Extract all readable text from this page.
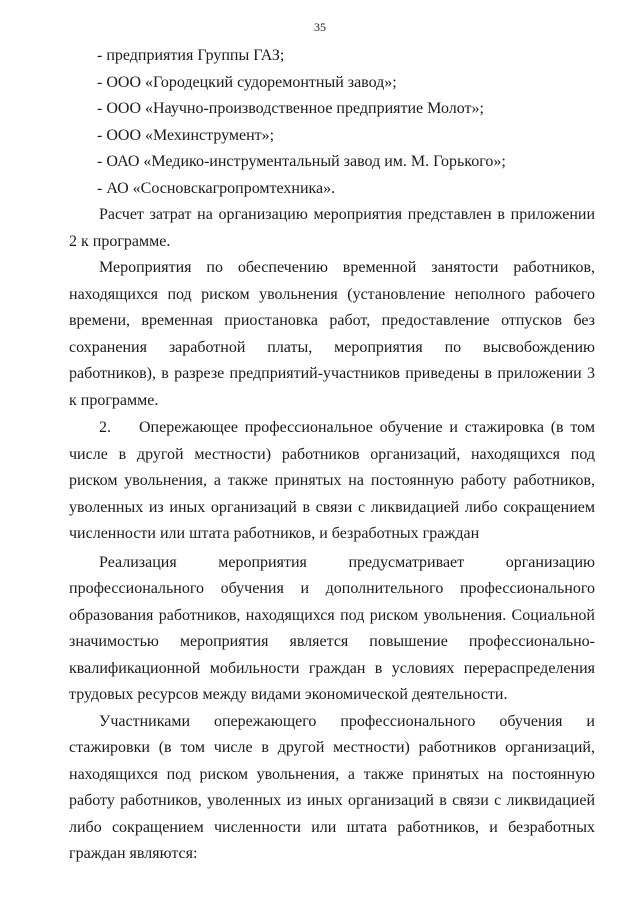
35

- предприятия Группы ГАЗ;

- ООО «Городецкий судоремонтный завод»;

- ООО «Научно-производственное предприятие Молот»;

- ООО «Мехинструмент»;

- ОАО «Медико-инструментальный завод им. М. Горького»;

- АО «Сосновскагропромтехника».

Расчет затрат на организацию мероприятия представлен в приложении 2 к программе.

Мероприятия по обеспечению временной занятости работников, находящихся под риском увольнения (установление неполного рабочего времени, временная приостановка работ, предоставление отпусков без сохранения заработной платы, мероприятия по высвобождению работников), в разрезе предприятий-участников приведены в приложении 3 к программе.

2. Опережающее профессиональное обучение и стажировка (в том числе в другой местности) работников организаций, находящихся под риском увольнения, а также принятых на постоянную работу работников, уволенных из иных организаций в связи с ликвидацией либо сокращением численности или штата работников, и безработных граждан

Реализация мероприятия предусматривает организацию профессионального обучения и дополнительного профессионального образования работников, находящихся под риском увольнения. Социальной значимостью мероприятия является повышение профессионально-квалификационной мобильности граждан в условиях перераспределения трудовых ресурсов между видами экономической деятельности.

Участниками опережающего профессионального обучения и стажировки (в том числе в другой местности) работников организаций, находящихся под риском увольнения, а также принятых на постоянную работу работников, уволенных из иных организаций в связи с ликвидацией либо сокращением численности или штата работников, и безработных граждан являются:
